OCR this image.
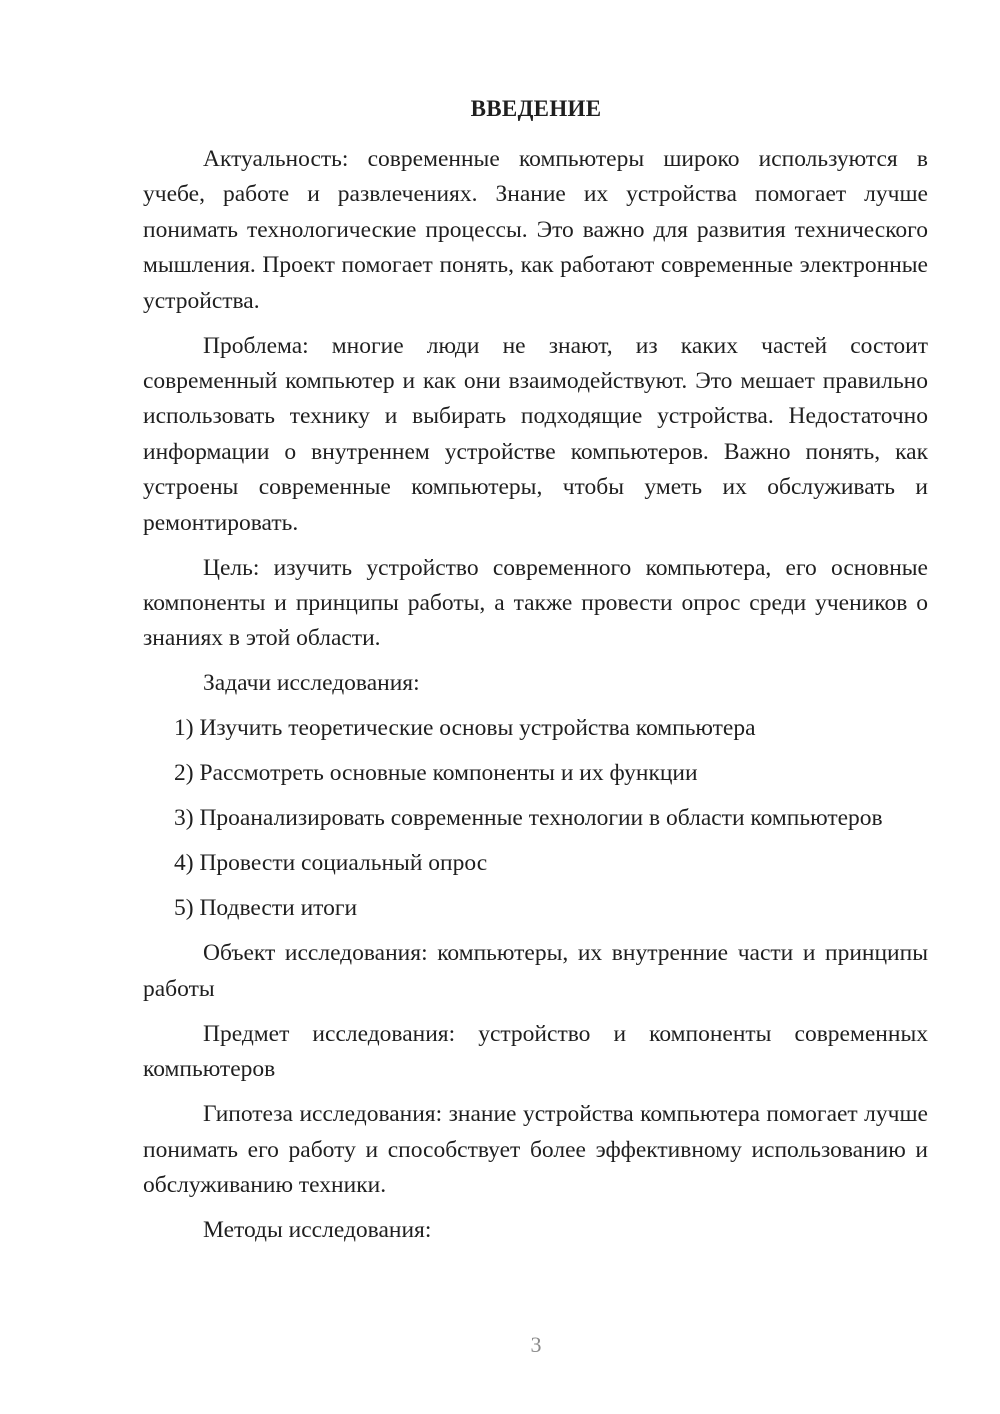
ВВЕДЕНИЕ

Актуальность: современные компьютеры широко используются в учебе, работе и развлечениях. Знание их устройства помогает лучше понимать технологические процессы. Это важно для развития технического мышления. Проект помогает понять, как работают современные электронные устройства.

Проблема: многие люди не знают, из каких частей состоит современный компьютер и как они взаимодействуют. Это мешает правильно использовать технику и выбирать подходящие устройства. Недостаточно информации о внутреннем устройстве компьютеров. Важно понять, как устроены современные компьютеры, чтобы уметь их обслуживать и ремонтировать.

Цель: изучить устройство современного компьютера, его основные компоненты и принципы работы, а также провести опрос среди учеников о знаниях в этой области.

Задачи исследования:

1) Изучить теоретические основы устройства компьютера

2) Рассмотреть основные компоненты и их функции

3) Проанализировать современные технологии в области компьютеров

4) Провести социальный опрос

5) Подвести итоги

Объект исследования: компьютеры, их внутренние части и принципы работы

Предмет исследования: устройство и компоненты современных компьютеров

Гипотеза исследования: знание устройства компьютера помогает лучше понимать его работу и способствует более эффективному использованию и обслуживанию техники.

Методы исследования:

3
